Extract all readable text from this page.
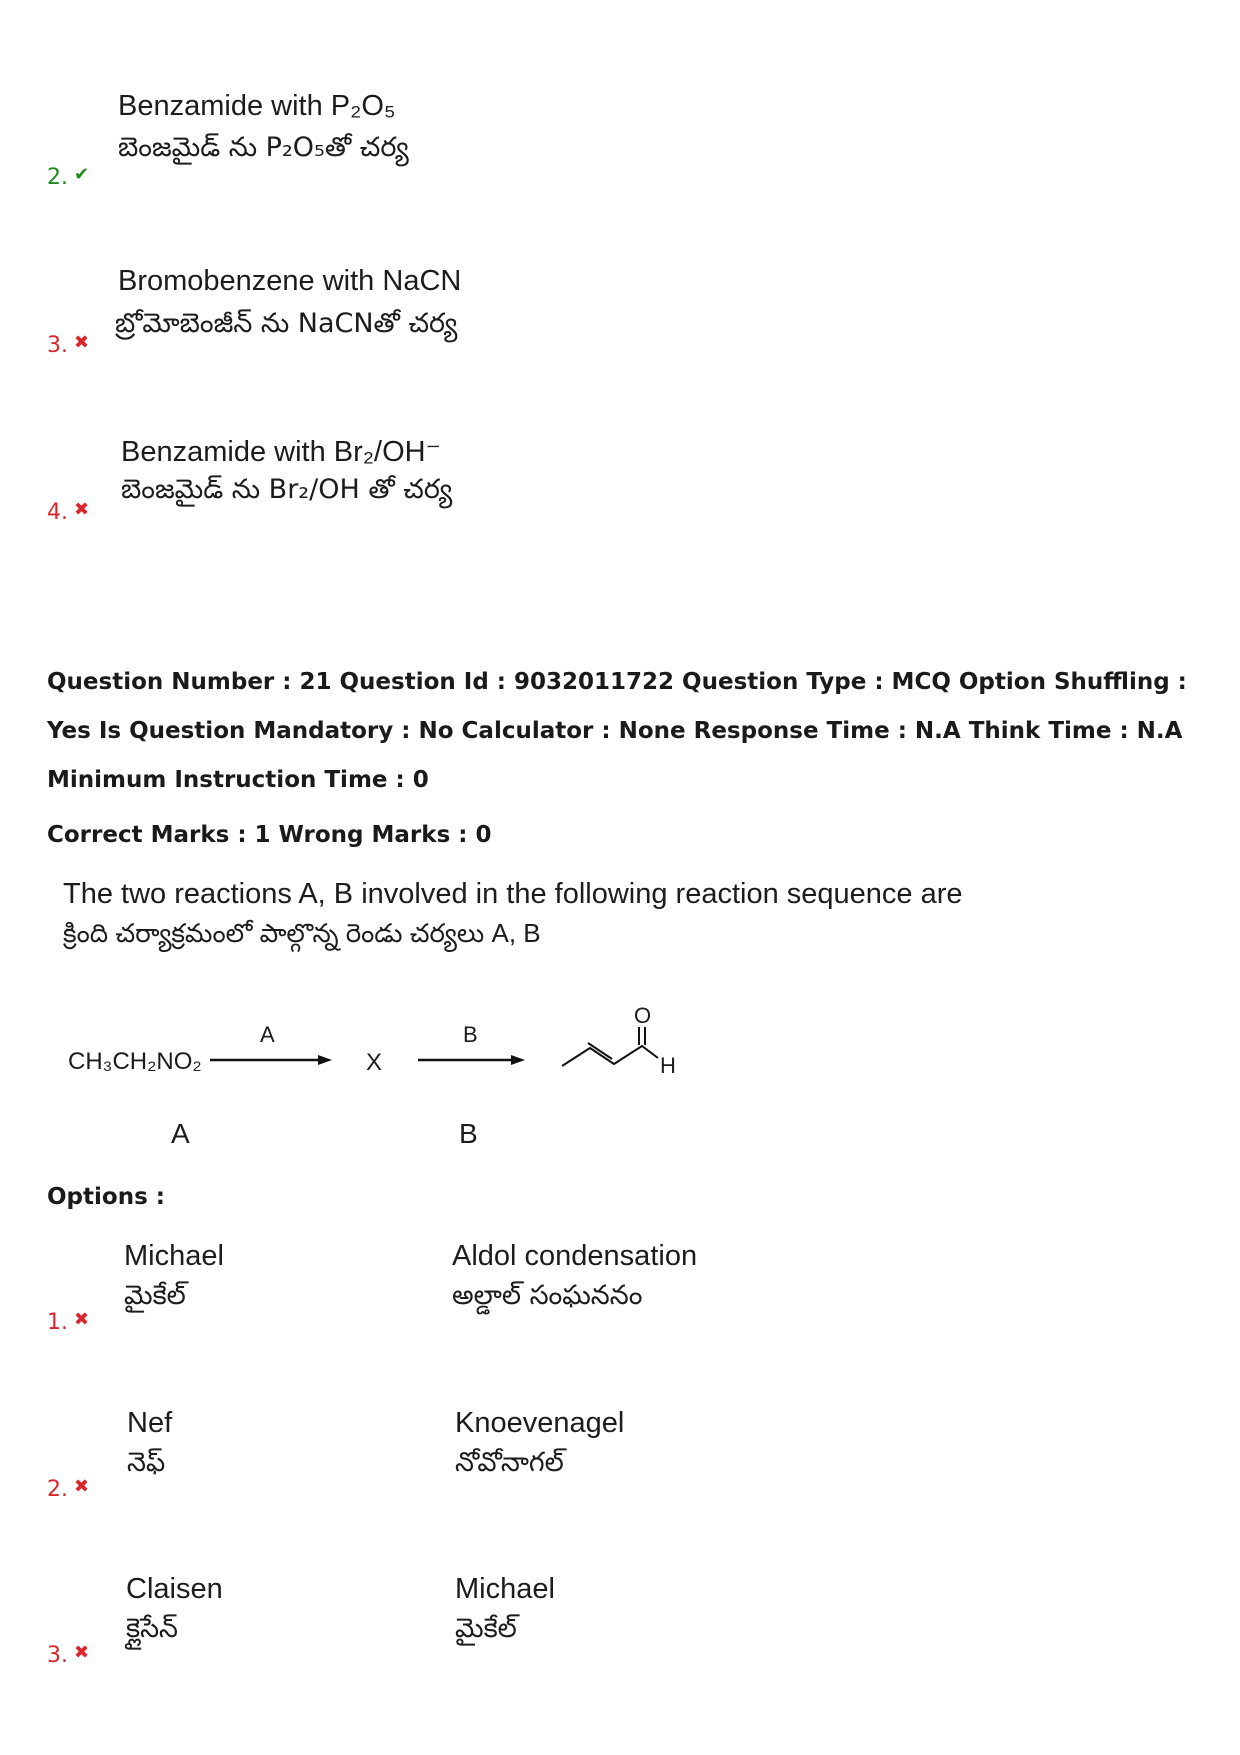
Benzamide with P₂O₅
బెంజమైడ్ ను P₂O₅తో చర్య
2. ✔
Bromobenzene with NaCN
బ్రోమోబెంజీన్ ను NaCNతో చర్య
3. ✖
Benzamide with Br₂/OH⁻
బెంజమైడ్ ను Br₂/OH తో చర్య
4. ✖
Question Number : 21 Question Id : 9032011722 Question Type : MCQ Option Shuffling : Yes Is Question Mandatory : No Calculator : None Response Time : N.A Think Time : N.A Minimum Instruction Time : 0
Correct Marks : 1 Wrong Marks : 0
The two reactions A, B involved in the following reaction sequence are
క్రింది చర్యాక్రమంలో పాల్గొన్న రెండు చర్యలు A, B
CH₃CH₂NO₂
A
X
B
O
H
A	B
Options :
Michael
మైకేల్
Aldol condensation
అల్డాల్ సంఘననం
1. ✖
Nef
నెఫ్
Knoevenagel
నోవోనాగల్
2. ✖
Claisen
క్లైసేన్
Michael
మైకేల్
3. ✖
